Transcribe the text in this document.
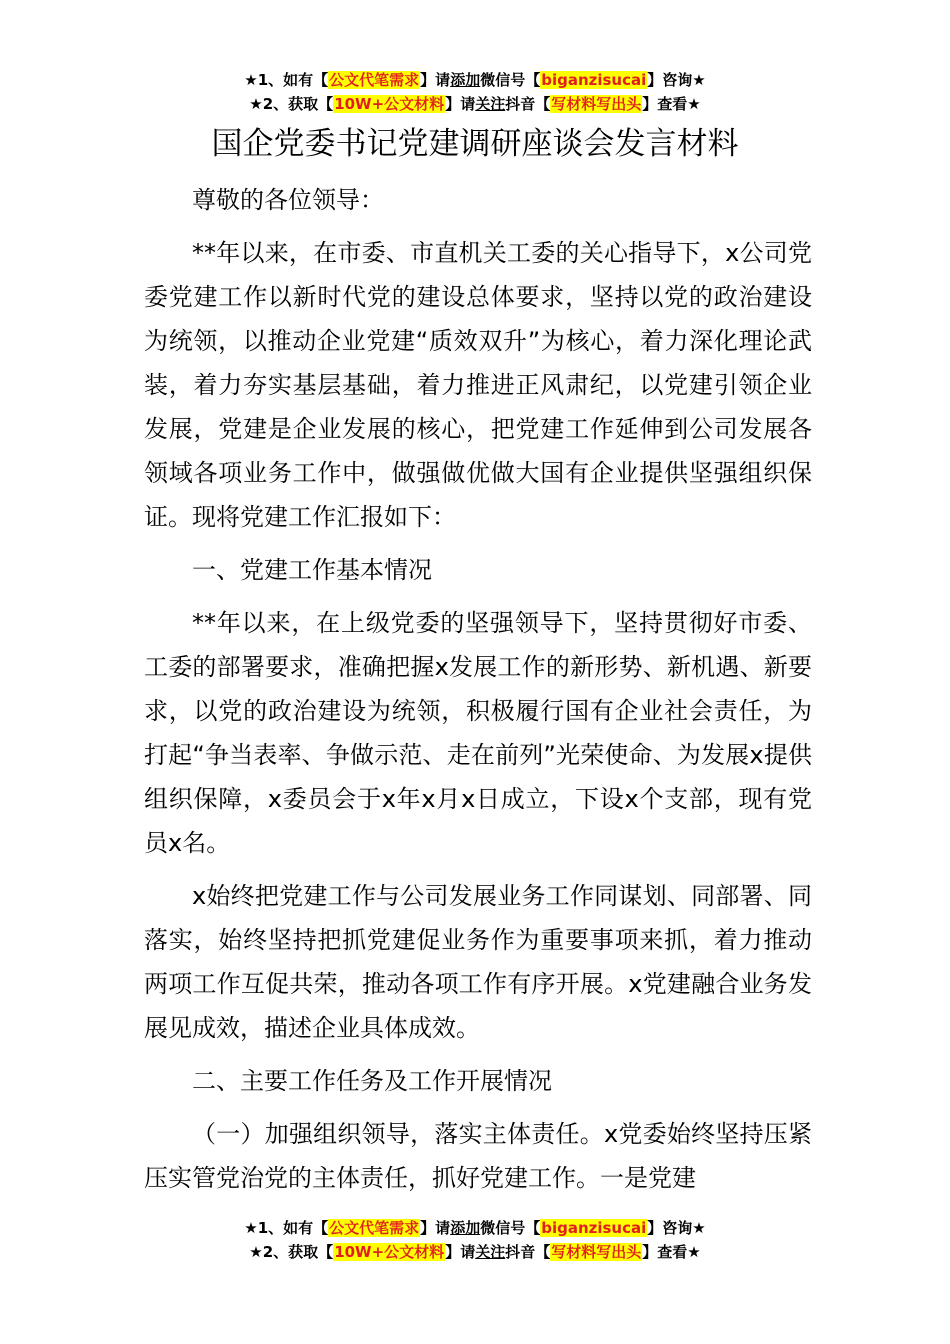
★1、如有【公文代笔需求】请添加微信号【biganzisucai】咨询★
★2、获取【10W+公文材料】请关注抖音【写材料写出头】查看★
国企党委书记党建调研座谈会发言材料

尊敬的各位领导：

**年以来，在市委、市直机关工委的关心指导下，x公司党委党建工作以新时代党的建设总体要求，坚持以党的政治建设为统领，以推动企业党建“质效双升”为核心，着力深化理论武装，着力夯实基层基础，着力推进正风肃纪，以党建引领企业发展，党建是企业发展的核心，把党建工作延伸到公司发展各领域各项业务工作中，做强做优做大国有企业提供坚强组织保证。现将党建工作汇报如下：

一、党建工作基本情况

**年以来，在上级党委的坚强领导下，坚持贯彻好市委、工委的部署要求，准确把握x发展工作的新形势、新机遇、新要求，以党的政治建设为统领，积极履行国有企业社会责任，为打起“争当表率、争做示范、走在前列”光荣使命、为发展x提供组织保障，x委员会于x年x月x日成立，下设x个支部，现有党员x名。

x始终把党建工作与公司发展业务工作同谋划、同部署、同落实，始终坚持把抓党建促业务作为重要事项来抓，着力推动两项工作互促共荣，推动各项工作有序开展。x党建融合业务发展见成效，描述企业具体成效。

二、主要工作任务及工作开展情况

（一）加强组织领导，落实主体责任。x党委始终坚持压紧压实管党治党的主体责任，抓好党建工作。一是党建

★1、如有【公文代笔需求】请添加微信号【biganzisucai】咨询★
★2、获取【10W+公文材料】请关注抖音【写材料写出头】查看★
